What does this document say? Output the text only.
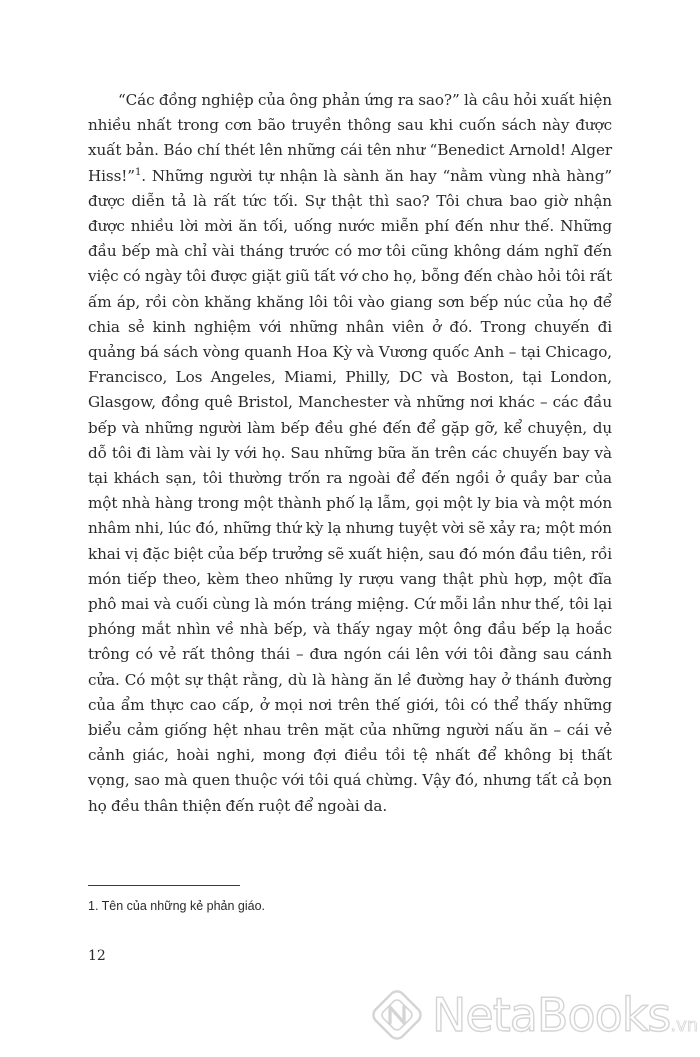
“Các đồng nghiệp của ông phản ứng ra sao?” là câu hỏi xuất hiện nhiều nhất trong cơn bão truyền thông sau khi cuốn sách này được xuất bản. Báo chí thét lên những cái tên như “Benedict Arnold! Alger Hiss!”$^1$. Những người tự nhận là sành ăn hay “nằm vùng nhà hàng” được diễn tả là rất tức tối. Sự thật thì sao? Tôi chưa bao giờ nhận được nhiều lời mời ăn tối, uống nước miễn phí đến như thế. Những đầu bếp mà chỉ vài tháng trước có mơ tôi cũng không dám nghĩ đến việc có ngày tôi được giặt giũ tất vớ cho họ, bỗng đến chào hỏi tôi rất ấm áp, rồi còn khăng khăng lôi tôi vào giang sơn bếp núc của họ để chia sẻ kinh nghiệm với những nhân viên ở đó. Trong chuyến đi quảng bá sách vòng quanh Hoa Kỳ và Vương quốc Anh – tại Chicago, Francisco, Los Angeles, Miami, Philly, DC và Boston, tại London, Glasgow, đồng quê Bristol, Manchester và những nơi khác – các đầu bếp và những người làm bếp đều ghé đến để gặp gỡ, kể chuyện, dụ dỗ tôi đi làm vài ly với họ. Sau những bữa ăn trên các chuyến bay và tại khách sạn, tôi thường trốn ra ngoài để đến ngồi ở quầy bar của một nhà hàng trong một thành phố lạ lẫm, gọi một ly bia và một món nhâm nhi, lúc đó, những thứ kỳ lạ nhưng tuyệt vời sẽ xảy ra; một món khai vị đặc biệt của bếp trưởng sẽ xuất hiện, sau đó món đầu tiên, rồi món tiếp theo, kèm theo những ly rượu vang thật phù hợp, một đĩa phô mai và cuối cùng là món tráng miệng. Cứ mỗi lần như thế, tôi lại phóng mắt nhìn về nhà bếp, và thấy ngay một ông đầu bếp lạ hoắc trông có vẻ rất thông thái – đưa ngón cái lên với tôi đằng sau cánh cửa. Có một sự thật rằng, dù là hàng ăn lề đường hay ở thánh đường của ẩm thực cao cấp, ở mọi nơi trên thế giới, tôi có thể thấy những biểu cảm giống hệt nhau trên mặt của những người nấu ăn – cái vẻ cảnh giác, hoài nghi, mong đợi điều tồi tệ nhất để không bị thất vọng, sao mà quen thuộc với tôi quá chừng. Vậy đó, nhưng tất cả bọn họ đều thân thiện đến ruột để ngoài da.

1. Tên của những kẻ phản giáo.
12
NetaBooks.vn
